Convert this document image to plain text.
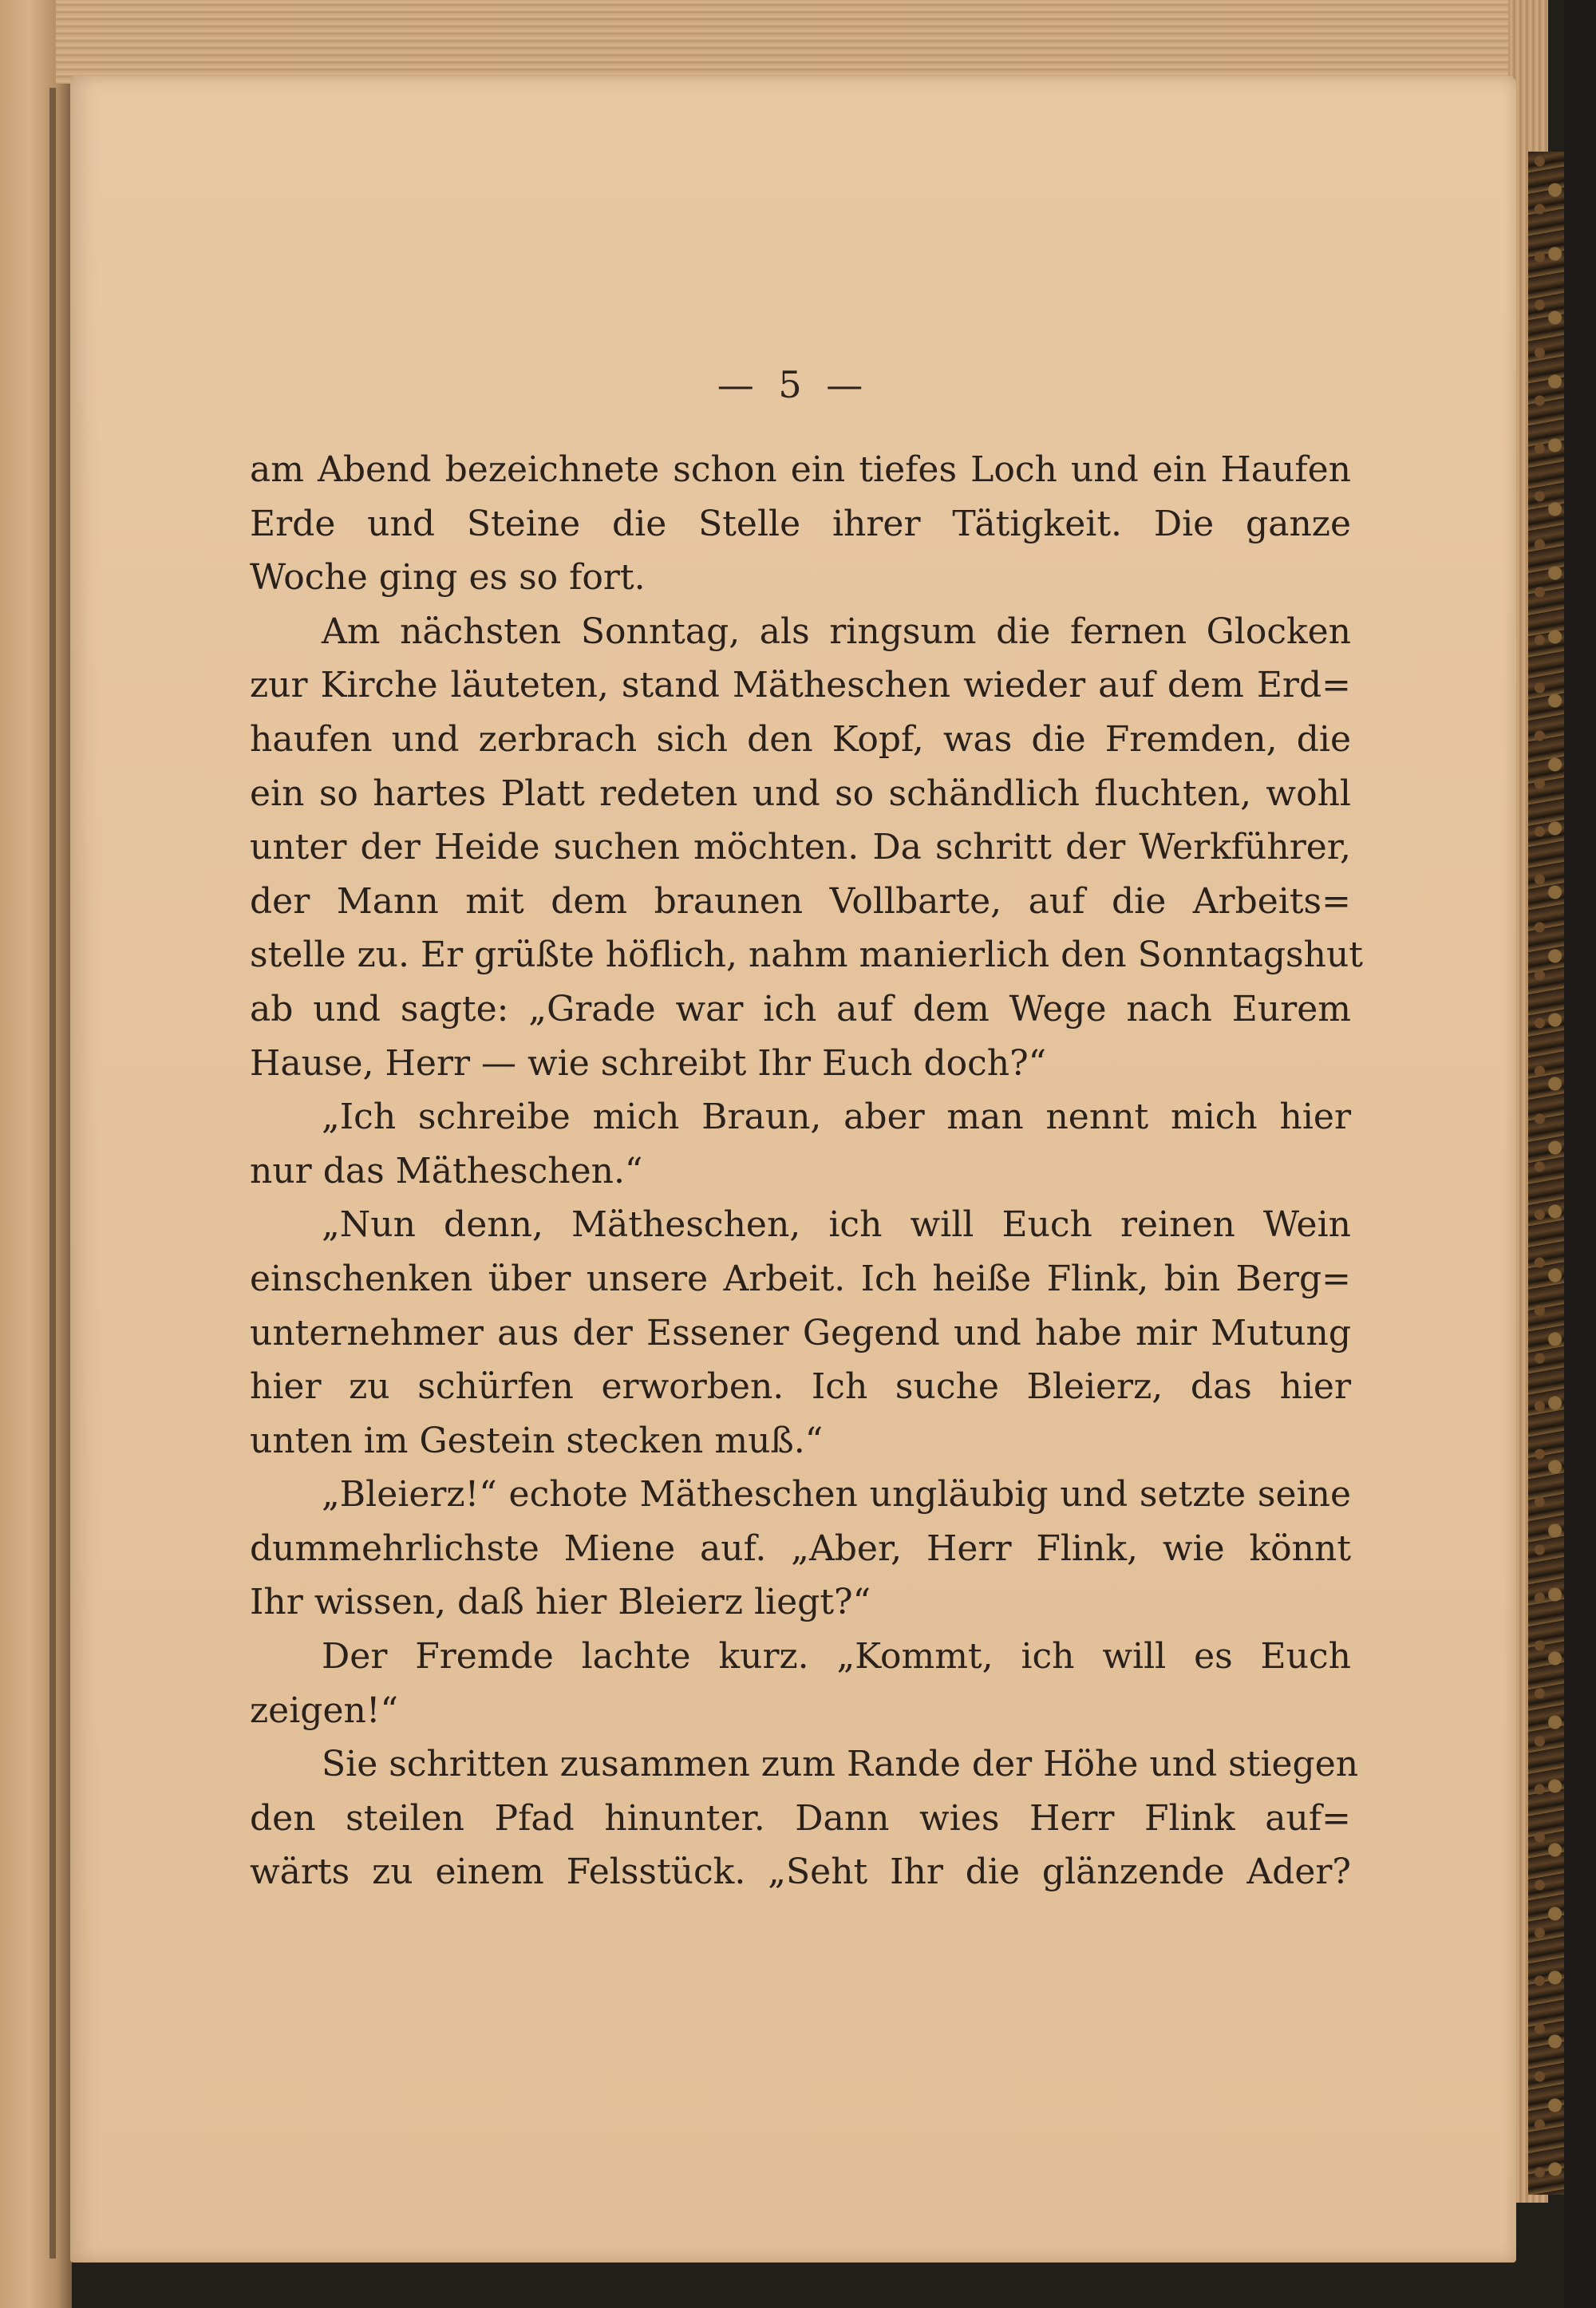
— 5 —
am Abend bezeichnete schon ein tiefes Loch und ein Haufen
Erde und Steine die Stelle ihrer Tätigkeit. Die ganze
Woche ging es so fort.
Am nächsten Sonntag, als ringsum die fernen Glocken
zur Kirche läuteten, stand Mätheschen wieder auf dem Erd=
haufen und zerbrach sich den Kopf, was die Fremden, die
ein so hartes Platt redeten und so schändlich fluchten, wohl
unter der Heide suchen möchten. Da schritt der Werkführer,
der Mann mit dem braunen Vollbarte, auf die Arbeits=
stelle zu. Er grüßte höflich, nahm manierlich den Sonntagshut
ab und sagte: „Grade war ich auf dem Wege nach Eurem
Hause, Herr — wie schreibt Ihr Euch doch?“
„Ich schreibe mich Braun, aber man nennt mich hier
nur das Mätheschen.“
„Nun denn, Mätheschen, ich will Euch reinen Wein
einschenken über unsere Arbeit. Ich heiße Flink, bin Berg=
unternehmer aus der Essener Gegend und habe mir Mutung
hier zu schürfen erworben. Ich suche Bleierz, das hier
unten im Gestein stecken muß.“
„Bleierz!“ echote Mätheschen ungläubig und setzte seine
dummehrlichste Miene auf. „Aber, Herr Flink, wie könnt
Ihr wissen, daß hier Bleierz liegt?“
Der Fremde lachte kurz. „Kommt, ich will es Euch
zeigen!“
Sie schritten zusammen zum Rande der Höhe und stiegen
den steilen Pfad hinunter. Dann wies Herr Flink auf=
wärts zu einem Felsstück. „Seht Ihr die glänzende Ader?
